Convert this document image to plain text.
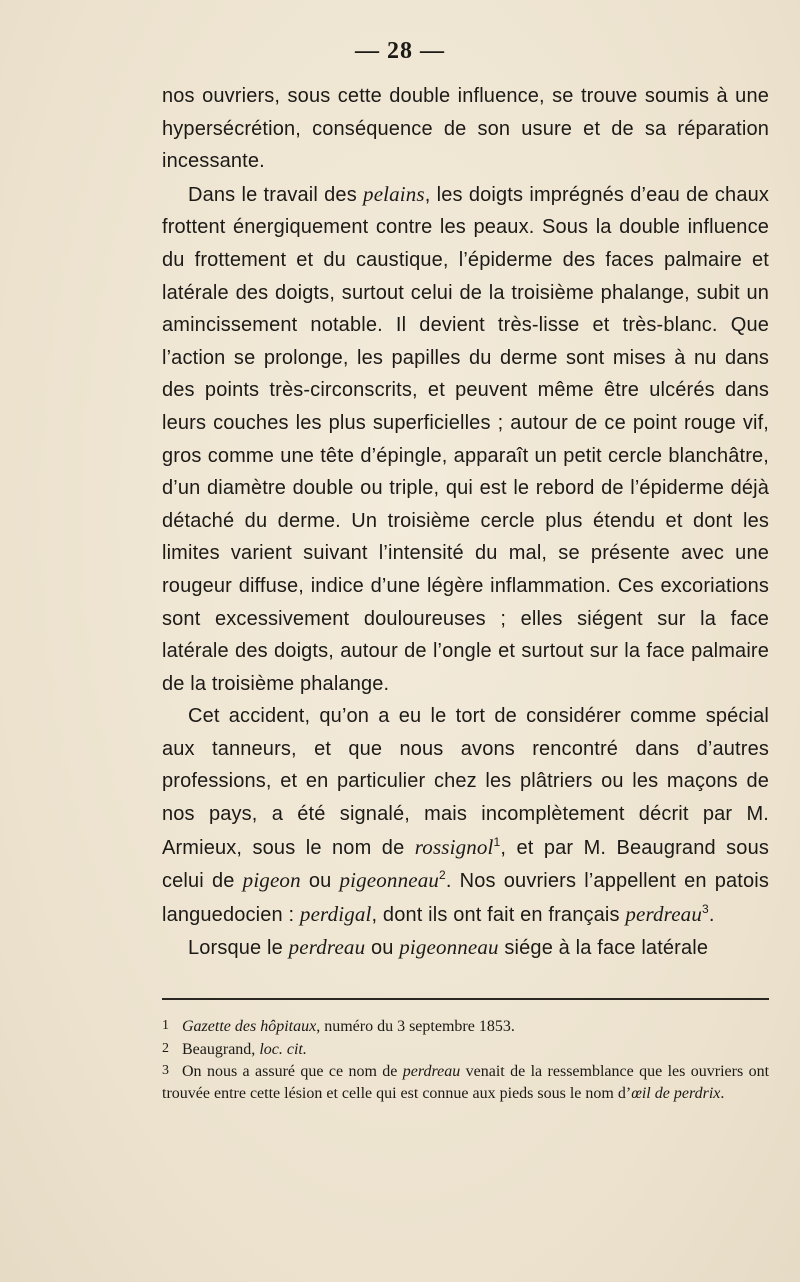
— 28 —

nos ouvriers, sous cette double influence, se trouve soumis à une hypersécrétion, conséquence de son usure et de sa réparation incessante.

Dans le travail des pelains, les doigts imprégnés d’eau de chaux frottent énergiquement contre les peaux. Sous la double influence du frottement et du caustique, l’épiderme des faces palmaire et latérale des doigts, surtout celui de la troisième phalange, subit un amincissement notable. Il devient très-lisse et très-blanc. Que l’action se prolonge, les papilles du derme sont mises à nu dans des points très-circonscrits, et peuvent même être ulcérés dans leurs couches les plus superficielles ; autour de ce point rouge vif, gros comme une tête d’épingle, apparaît un petit cercle blanchâtre, d’un diamètre double ou triple, qui est le rebord de l’épiderme déjà détaché du derme. Un troisième cercle plus étendu et dont les limites varient suivant l’intensité du mal, se présente avec une rougeur diffuse, indice d’une légère inflammation. Ces excoriations sont excessivement douloureuses ; elles siégent sur la face latérale des doigts, autour de l’ongle et surtout sur la face palmaire de la troisième phalange.

Cet accident, qu’on a eu le tort de considérer comme spécial aux tanneurs, et que nous avons rencontré dans d’autres professions, et en particulier chez les plâtriers ou les maçons de nos pays, a été signalé, mais incomplètement décrit par M. Armieux, sous le nom de rossignol$^1$, et par M. Beaugrand sous celui de pigeon ou pigeonneau$^2$. Nos ouvriers l’appellent en patois languedocien : perdigal, dont ils ont fait en français perdreau$^3$.

Lorsque le perdreau ou pigeonneau siége à la face latérale

1 Gazette des hôpitaux, numéro du 3 septembre 1853.

2 Beaugrand, loc. cit.

3 On nous a assuré que ce nom de perdreau venait de la ressemblance que les ouvriers ont trouvée entre cette lésion et celle qui est connue aux pieds sous le nom d’œil de perdrix.
